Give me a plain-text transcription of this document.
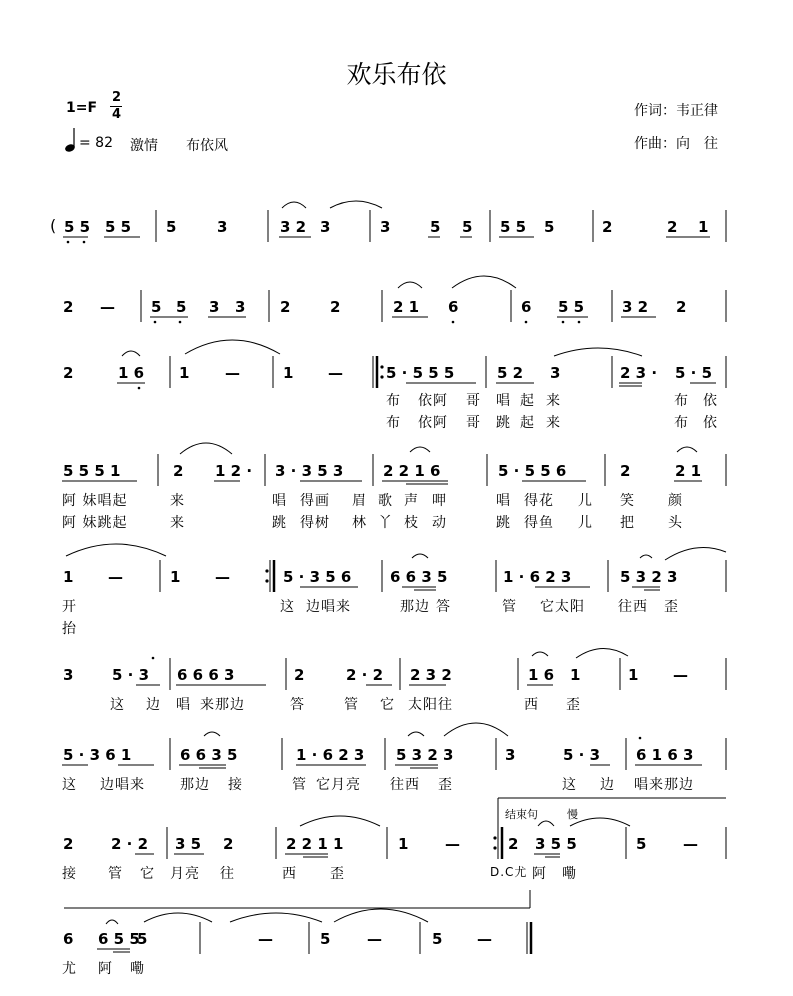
欢乐布依
1=F
2
4
= 82 激情 布依风
作词：韦正律
作曲：向　往
( 5 5 5 5 5	3	3 2 3	3	5 5 5 5 5	2	2 1
2 — 5 5 3 3 2	2	2 1 6	6 5 5	3 2 2
2	1 6 1 —	1 —	5 · 5 5 5	5 2 3	2 3 · 5 · 5
布 依阿 哥 唱 起 来	布 依
布 依阿 哥 跳 起 来	布 依
5 5 5 1	2 1 2 · 3 · 3 5 3	2 2 1 6	5 · 5 5 6	2	2 1
阿 妹唱起	来	唱 得画 眉 歌 声 呷	唱 得花 儿 笑 颜
阿 妹跳起	来	跳 得树 林 丫 枝 动	跳 得鱼 儿 把 头
1 —	1 —	5 · 3 5 6	6 6 3 5	1 · 6 2 3	5 3 2 3
开	这 边唱来	那边 答	管 它太阳 往西 歪
抬
3	5 · 3 6 6 6 3	2	2 · 2 2 3 2	1 6 1	1 —
这 边 唱 来那边	答	管 它 太阳往	西 歪
5 · 3 6 1	6 6 3 5	1 · 6 2 3 5 3 2 3	3	5 · 3 6 1 6 3
这 边唱来	那边 接	管 它月亮 往西 歪	这 边 唱来那边
结束句	慢
2	2 · 2 3 5 2	2 2 1 1	1 —	2 3 5 5	5 —
接 管 它 月亮 往	西 歪	D.C尤 阿 嘞
6 6 5 5
5	—	5 —	5 —
尤 阿 嘞
